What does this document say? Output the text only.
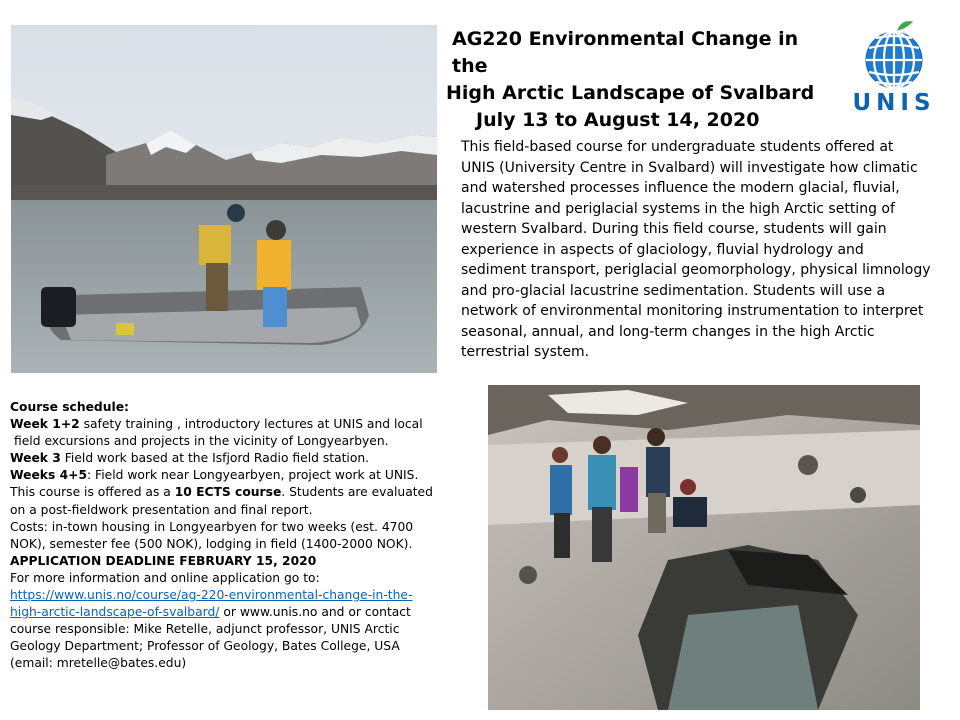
AG220 Environmental Change in the
High Arctic Landscape of Svalbard
July 13 to August 14, 2020
UNIS

This field-based course for undergraduate students offered at UNIS (University Centre in Svalbard) will investigate how climatic and watershed processes influence the modern glacial, fluvial, lacustrine and periglacial systems in the high Arctic setting of western Svalbard. During this field course, students will gain experience in aspects of glaciology, fluvial hydrology and sediment transport, periglacial geomorphology, physical limnology and pro-glacial lacustrine sedimentation. Students will use a network of environmental monitoring instrumentation to interpret seasonal, annual, and long-term changes in the high Arctic terrestrial system.

Course schedule:

Week 1+2 safety training , introductory lectures at UNIS and local

field excursions and projects in the vicinity of Longyearbyen.

Week 3 Field work based at the Isfjord Radio field station.

Weeks 4+5: Field work near Longyearbyen, project work at UNIS.

This course is offered as a 10 ECTS course. Students are evaluated

on a post-fieldwork presentation and final report.

Costs: in-town housing in Longyearbyen for two weeks (est. 4700

NOK), semester fee (500 NOK), lodging in field (1400-2000 NOK).

APPLICATION DEADLINE FEBRUARY 15, 2020

For more information and online application go to:

https://www.unis.no/course/ag-220-environmental-change-in-the-

high-arctic-landscape-of-svalbard/ or www.unis.no and or contact

course responsible: Mike Retelle, adjunct professor, UNIS Arctic

Geology Department; Professor of Geology, Bates College, USA

(email: mretelle@bates.edu)
